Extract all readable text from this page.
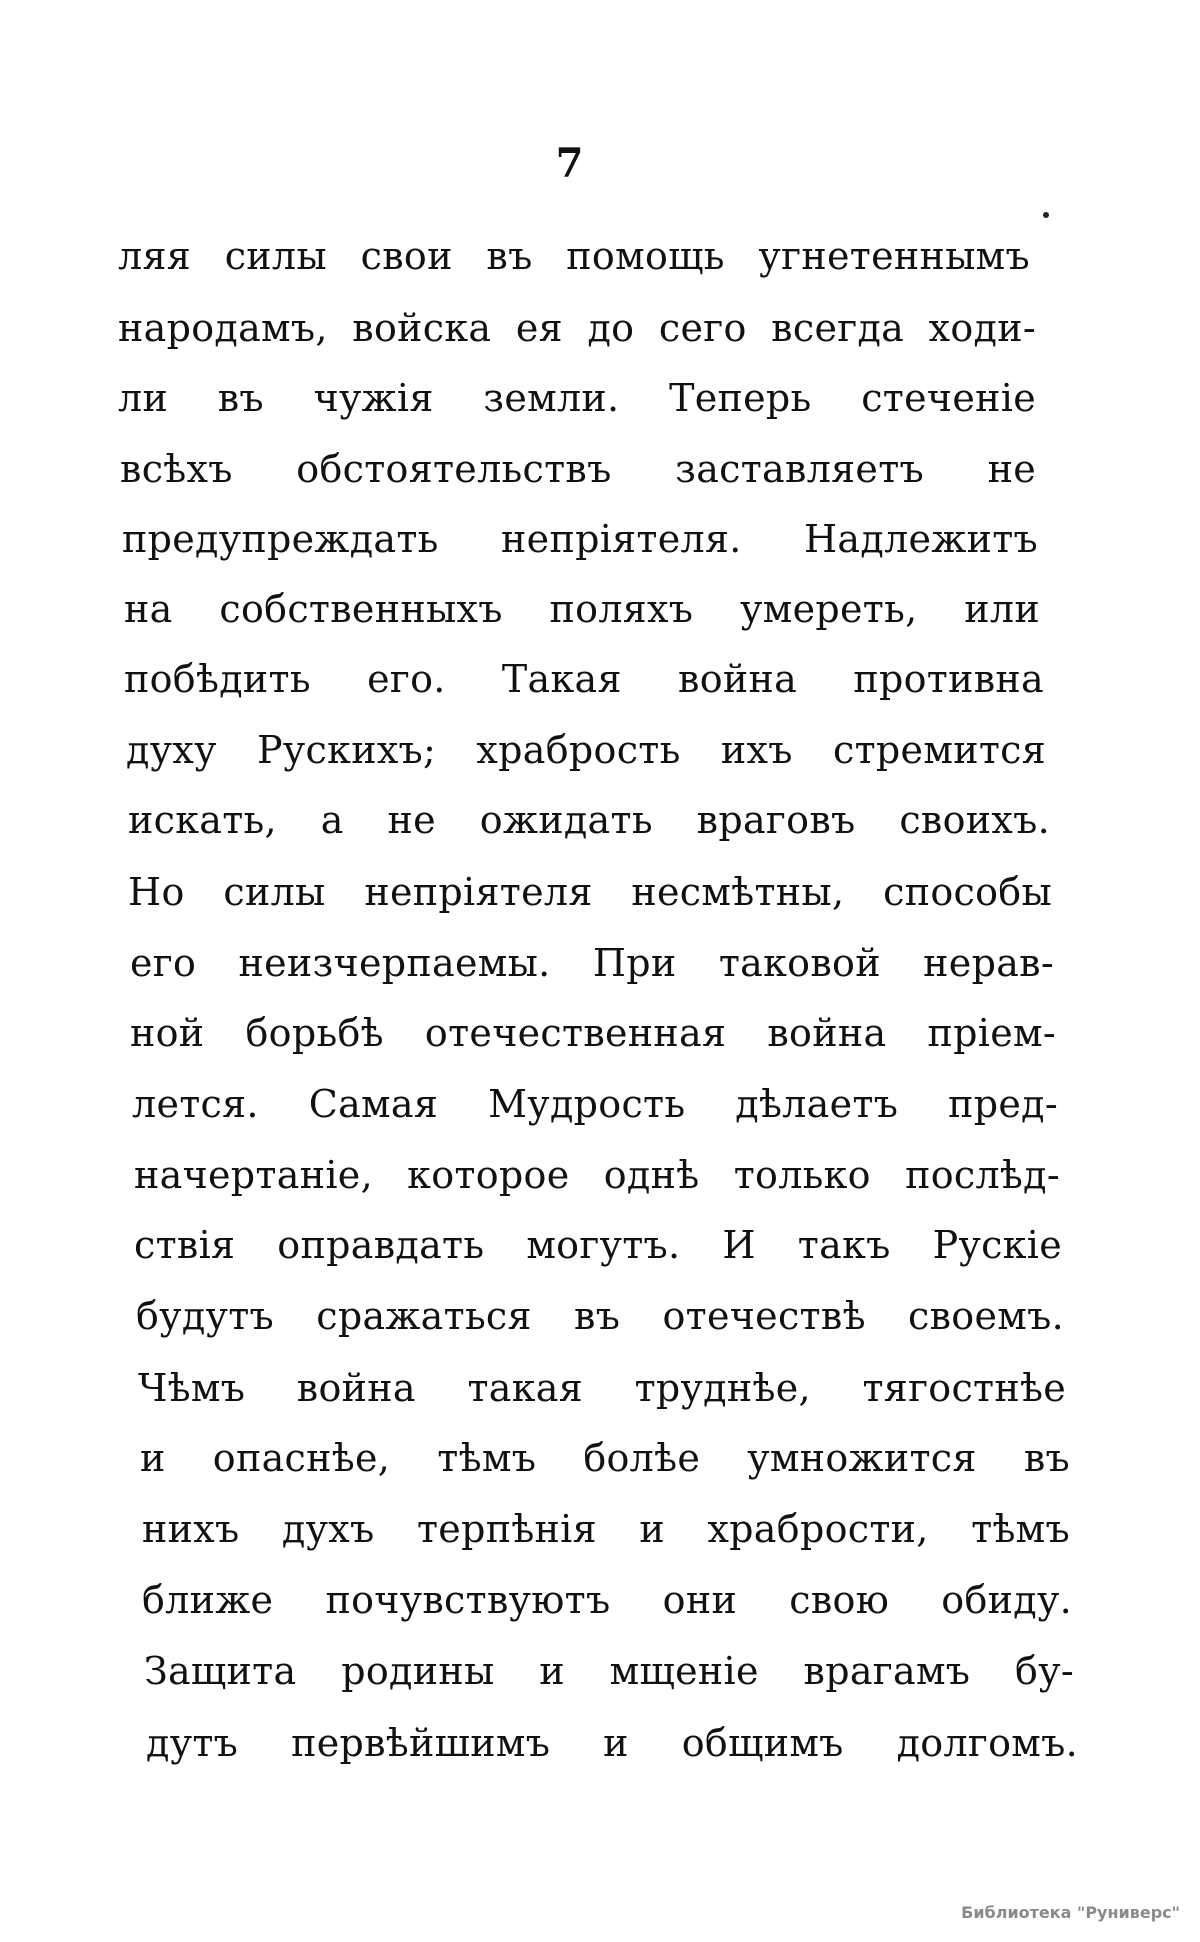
7
ляя силы свои въ помощь угнетеннымъ
народамъ, войска ея до сего всегда ходи-
ли въ чужія земли. Теперь стеченіе
всѣхъ обстоятельствъ заставляетъ не
предупреждать непріятеля. Надлежитъ
на собственныхъ поляхъ умереть, или
побѣдить его. Такая война противна
духу Рускихъ; храбрость ихъ стремится
искать, а не ожидать враговъ своихъ.
Но силы непріятеля несмѣтны, способы
его неизчерпаемы. При таковой нерав-
ной борьбѣ отечественная война пріем-
лется. Самая Мудрость дѣлаетъ пред-
начертаніе, которое однѣ только послѣд-
ствія оправдать могутъ. И такъ Рускіе
будутъ сражаться въ отечествѣ своемъ.
Чѣмъ война такая труднѣе, тягостнѣе
и опаснѣе, тѣмъ болѣе умножится въ
нихъ духъ терпѣнія и храбрости, тѣмъ
ближе почувствуютъ они свою обиду.
Защита родины и мщеніе врагамъ бу-
дутъ первѣйшимъ и общимъ долгомъ.
Библиотека "Руниверс"
